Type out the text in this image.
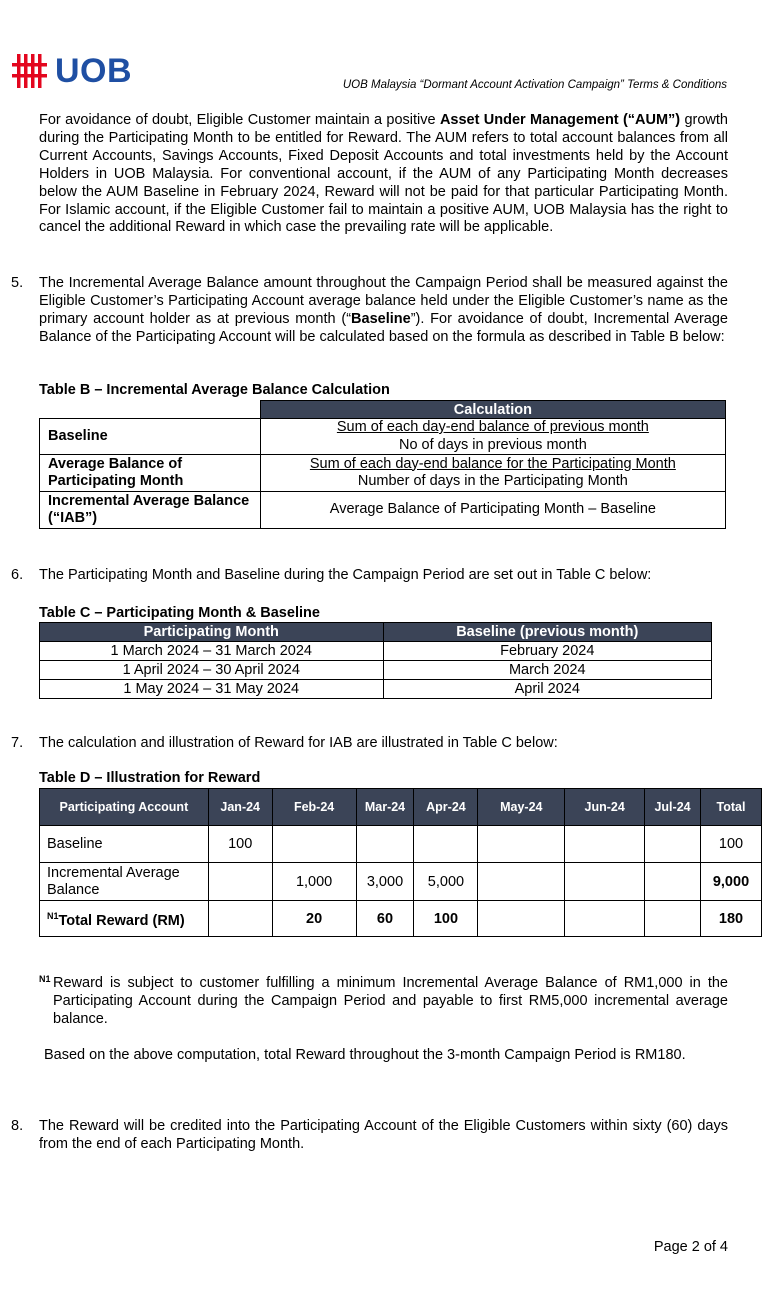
UOB	UOB Malaysia “Dormant Account Activation Campaign” Terms & Conditions
For avoidance of doubt, Eligible Customer maintain a positive Asset Under Management (“AUM”) growth during the Participating Month to be entitled for Reward. The AUM refers to total account balances from all Current Accounts, Savings Accounts, Fixed Deposit Accounts and total investments held by the Account Holders in UOB Malaysia. For conventional account, if the AUM of any Participating Month decreases below the AUM Baseline in February 2024, Reward will not be paid for that particular Participating Month. For Islamic account, if the Eligible Customer fail to maintain a positive AUM, UOB Malaysia has the right to cancel the additional Reward in which case the prevailing rate will be applicable.
5. The Incremental Average Balance amount throughout the Campaign Period shall be measured against the Eligible Customer’s Participating Account average balance held under the Eligible Customer’s name as the primary account holder as at previous month (“Baseline”). For avoidance of doubt, Incremental Average Balance of the Participating Account will be calculated based on the formula as described in Table B below:
Table B – Incremental Average Balance Calculation
	Calculation
Baseline	Sum of each day-end balance of previous month
No of days in previous month

Average Balance of Participating Month	Sum of each day-end balance for the Participating Month
Number of days in the Participating Month

Incremental Average Balance (“IAB”)	Average Balance of Participating Month – Baseline
6. The Participating Month and Baseline during the Campaign Period are set out in Table C below:
Table C – Participating Month & Baseline
Participating Month	Baseline (previous month)
1 March 2024 – 31 March 2024	February 2024
1 April 2024 – 30 April 2024	March 2024
1 May 2024 – 31 May 2024	April 2024
7. The calculation and illustration of Reward for IAB are illustrated in Table C below:
Table D – Illustration for Reward
Participating Account	Jan-24	Feb-24	Mar-24	Apr-24	May-24	Jun-24	Jul-24	Total
Baseline	100							100
Incremental Average Balance		1,000	3,000	5,000				9,000
$^{N1}$Total Reward (RM)		20	60	100				180
N1 Reward is subject to customer fulfilling a minimum Incremental Average Balance of RM1,000 in the Participating Account during the Campaign Period and payable to first RM5,000 incremental average balance.
Based on the above computation, total Reward throughout the 3-month Campaign Period is RM180.
8. The Reward will be credited into the Participating Account of the Eligible Customers within sixty (60) days from the end of each Participating Month.
Page 2 of 4
